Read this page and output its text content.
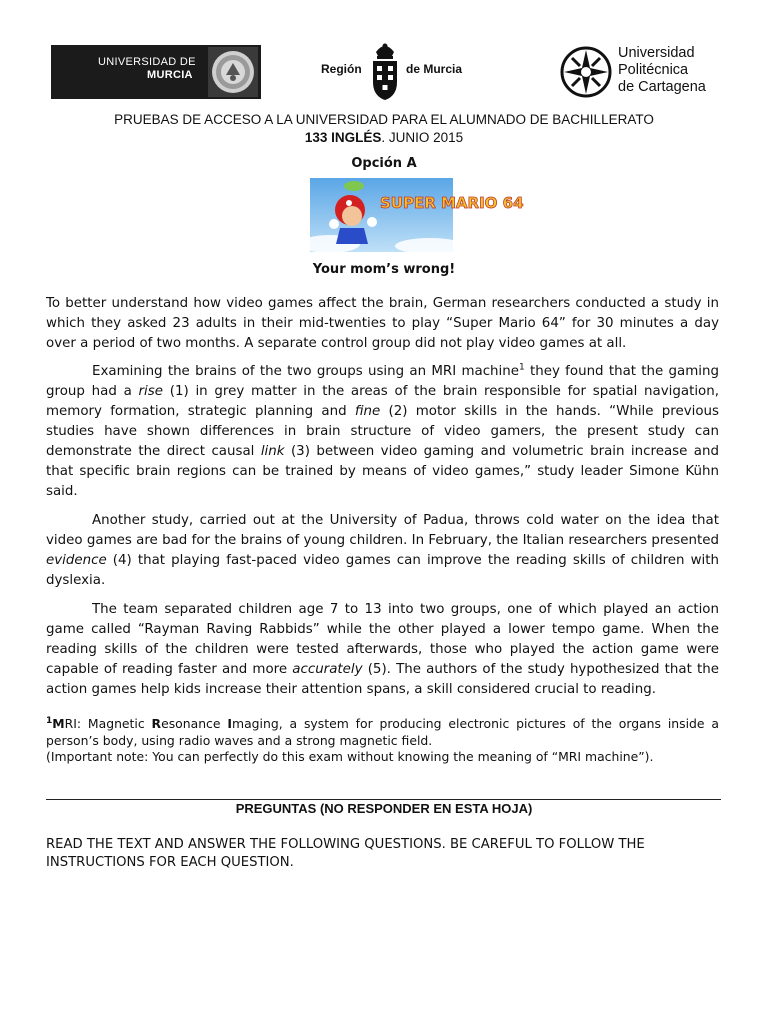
UNIVERSIDAD DE
MURCIA	Región	de Murcia
Universidad
Politécnica
de Cartagena
PRUEBAS DE ACCESO A LA UNIVERSIDAD PARA EL ALUMNADO DE BACHILLERATO
133 INGLÉS. JUNIO 2015
Opción A
SUPER MARIO 64
Your mom’s wrong!

To better understand how video games affect the brain, German researchers conducted a study in which they asked 23 adults in their mid-twenties to play “Super Mario 64” for 30 minutes a day over a period of two months. A separate control group did not play video games at all.

Examining the brains of the two groups using an MRI machine$^1$ they found that the gaming group had a rise (1) in grey matter in the areas of the brain responsible for spatial navigation, memory formation, strategic planning and fine (2) motor skills in the hands. “While previous studies have shown differences in brain structure of video gamers, the present study can demonstrate the direct causal link (3) between video gaming and volumetric brain increase and that specific brain regions can be trained by means of video games,” study leader Simone Kühn said.

Another study, carried out at the University of Padua, throws cold water on the idea that video games are bad for the brains of young children. In February, the Italian researchers presented evidence (4) that playing fast-paced video games can improve the reading skills of children with dyslexia.

The team separated children age 7 to 13 into two groups, one of which played an action game called “Rayman Raving Rabbids” while the other played a lower tempo game. When the reading skills of the children were tested afterwards, those who played the action game were capable of reading faster and more accurately (5). The authors of the study hypothesized that the action games help kids increase their attention spans, a skill considered crucial to reading.

$^1$MRI: Magnetic Resonance Imaging, a system for producing electronic pictures of the organs inside a person’s body, using radio waves and a strong magnetic field.
(Important note: You can perfectly do this exam without knowing the meaning of “MRI machine”).
PREGUNTAS (NO RESPONDER EN ESTA HOJA)
READ THE TEXT AND ANSWER THE FOLLOWING QUESTIONS. BE CAREFUL TO FOLLOW THE INSTRUCTIONS FOR EACH QUESTION.
